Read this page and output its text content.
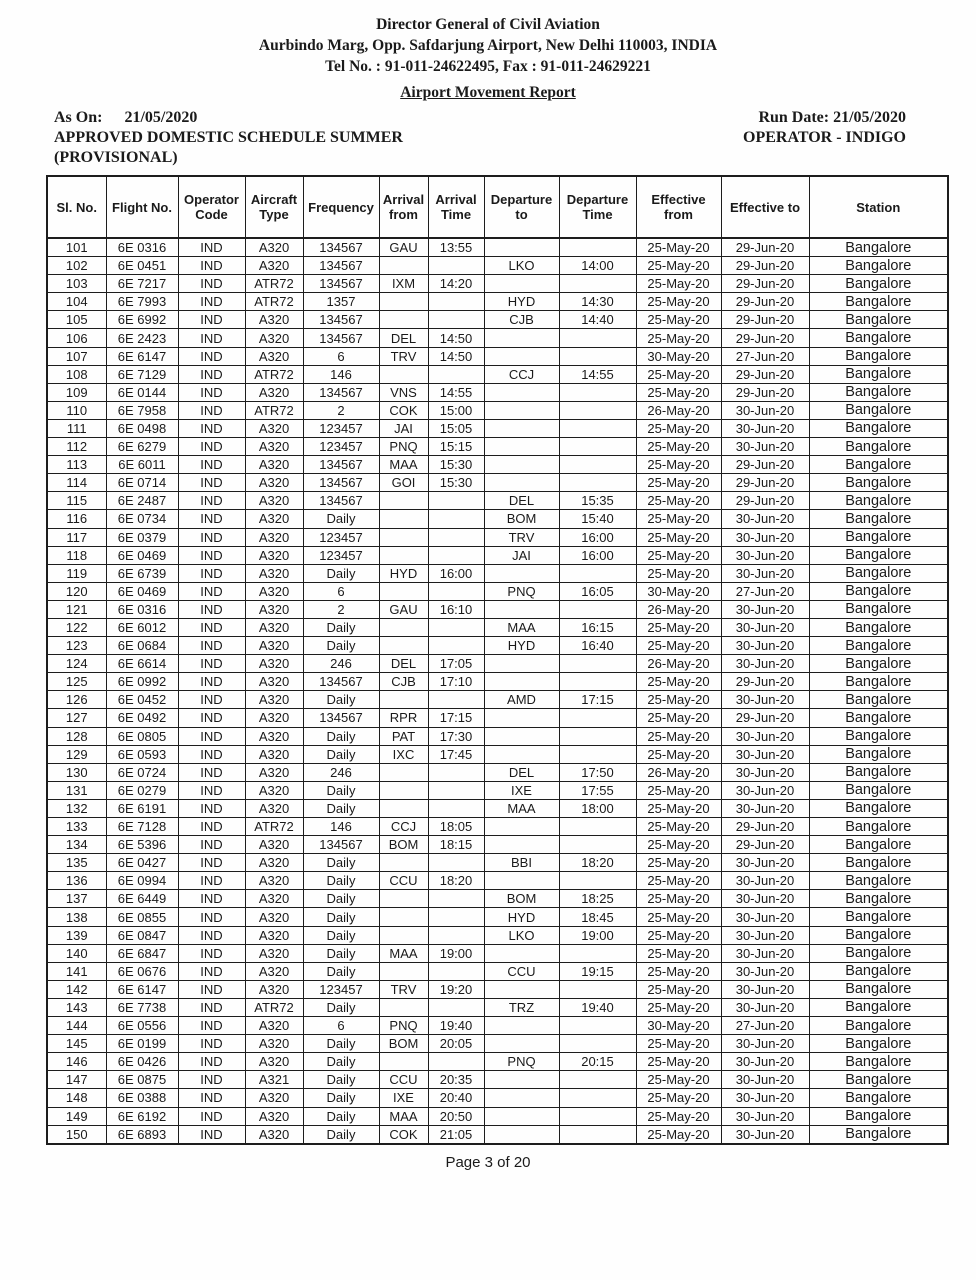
Director General of Civil Aviation
Aurbindo Marg, Opp. Safdarjung Airport, New Delhi 110003, INDIA
Tel No. : 91-011-24622495, Fax : 91-011-24629221
Airport Movement Report
As On: 21/05/2020
APPROVED DOMESTIC SCHEDULE SUMMER
(PROVISIONAL)
Run Date: 21/05/2020
OPERATOR - INDIGO
Sl. No.	Flight No.	Operator Code	Aircraft Type	Frequency	Arrival from	Arrival Time	Departure to	Departure Time	Effective from	Effective to	Station
101	6E 0316	IND	A320	134567	GAU	13:55			25-May-20	29-Jun-20	Bangalore
102	6E 0451	IND	A320	134567			LKO	14:00	25-May-20	29-Jun-20	Bangalore
103	6E 7217	IND	ATR72	134567	IXM	14:20			25-May-20	29-Jun-20	Bangalore
104	6E 7993	IND	ATR72	1357			HYD	14:30	25-May-20	29-Jun-20	Bangalore
105	6E 6992	IND	A320	134567			CJB	14:40	25-May-20	29-Jun-20	Bangalore
106	6E 2423	IND	A320	134567	DEL	14:50			25-May-20	29-Jun-20	Bangalore
107	6E 6147	IND	A320	6	TRV	14:50			30-May-20	27-Jun-20	Bangalore
108	6E 7129	IND	ATR72	146			CCJ	14:55	25-May-20	29-Jun-20	Bangalore
109	6E 0144	IND	A320	134567	VNS	14:55			25-May-20	29-Jun-20	Bangalore
110	6E 7958	IND	ATR72	2	COK	15:00			26-May-20	30-Jun-20	Bangalore
111	6E 0498	IND	A320	123457	JAI	15:05			25-May-20	30-Jun-20	Bangalore
112	6E 6279	IND	A320	123457	PNQ	15:15			25-May-20	30-Jun-20	Bangalore
113	6E 6011	IND	A320	134567	MAA	15:30			25-May-20	29-Jun-20	Bangalore
114	6E 0714	IND	A320	134567	GOI	15:30			25-May-20	29-Jun-20	Bangalore
115	6E 2487	IND	A320	134567			DEL	15:35	25-May-20	29-Jun-20	Bangalore
116	6E 0734	IND	A320	Daily			BOM	15:40	25-May-20	30-Jun-20	Bangalore
117	6E 0379	IND	A320	123457			TRV	16:00	25-May-20	30-Jun-20	Bangalore
118	6E 0469	IND	A320	123457			JAI	16:00	25-May-20	30-Jun-20	Bangalore
119	6E 6739	IND	A320	Daily	HYD	16:00			25-May-20	30-Jun-20	Bangalore
120	6E 0469	IND	A320	6			PNQ	16:05	30-May-20	27-Jun-20	Bangalore
121	6E 0316	IND	A320	2	GAU	16:10			26-May-20	30-Jun-20	Bangalore
122	6E 6012	IND	A320	Daily			MAA	16:15	25-May-20	30-Jun-20	Bangalore
123	6E 0684	IND	A320	Daily			HYD	16:40	25-May-20	30-Jun-20	Bangalore
124	6E 6614	IND	A320	246	DEL	17:05			26-May-20	30-Jun-20	Bangalore
125	6E 0992	IND	A320	134567	CJB	17:10			25-May-20	29-Jun-20	Bangalore
126	6E 0452	IND	A320	Daily			AMD	17:15	25-May-20	30-Jun-20	Bangalore
127	6E 0492	IND	A320	134567	RPR	17:15			25-May-20	29-Jun-20	Bangalore
128	6E 0805	IND	A320	Daily	PAT	17:30			25-May-20	30-Jun-20	Bangalore
129	6E 0593	IND	A320	Daily	IXC	17:45			25-May-20	30-Jun-20	Bangalore
130	6E 0724	IND	A320	246			DEL	17:50	26-May-20	30-Jun-20	Bangalore
131	6E 0279	IND	A320	Daily			IXE	17:55	25-May-20	30-Jun-20	Bangalore
132	6E 6191	IND	A320	Daily			MAA	18:00	25-May-20	30-Jun-20	Bangalore
133	6E 7128	IND	ATR72	146	CCJ	18:05			25-May-20	29-Jun-20	Bangalore
134	6E 5396	IND	A320	134567	BOM	18:15			25-May-20	29-Jun-20	Bangalore
135	6E 0427	IND	A320	Daily			BBI	18:20	25-May-20	30-Jun-20	Bangalore
136	6E 0994	IND	A320	Daily	CCU	18:20			25-May-20	30-Jun-20	Bangalore
137	6E 6449	IND	A320	Daily			BOM	18:25	25-May-20	30-Jun-20	Bangalore
138	6E 0855	IND	A320	Daily			HYD	18:45	25-May-20	30-Jun-20	Bangalore
139	6E 0847	IND	A320	Daily			LKO	19:00	25-May-20	30-Jun-20	Bangalore
140	6E 6847	IND	A320	Daily	MAA	19:00			25-May-20	30-Jun-20	Bangalore
141	6E 0676	IND	A320	Daily			CCU	19:15	25-May-20	30-Jun-20	Bangalore
142	6E 6147	IND	A320	123457	TRV	19:20			25-May-20	30-Jun-20	Bangalore
143	6E 7738	IND	ATR72	Daily			TRZ	19:40	25-May-20	30-Jun-20	Bangalore
144	6E 0556	IND	A320	6	PNQ	19:40			30-May-20	27-Jun-20	Bangalore
145	6E 0199	IND	A320	Daily	BOM	20:05			25-May-20	30-Jun-20	Bangalore
146	6E 0426	IND	A320	Daily			PNQ	20:15	25-May-20	30-Jun-20	Bangalore
147	6E 0875	IND	A321	Daily	CCU	20:35			25-May-20	30-Jun-20	Bangalore
148	6E 0388	IND	A320	Daily	IXE	20:40			25-May-20	30-Jun-20	Bangalore
149	6E 6192	IND	A320	Daily	MAA	20:50			25-May-20	30-Jun-20	Bangalore
150	6E 6893	IND	A320	Daily	COK	21:05			25-May-20	30-Jun-20	Bangalore
Page 3 of 20
